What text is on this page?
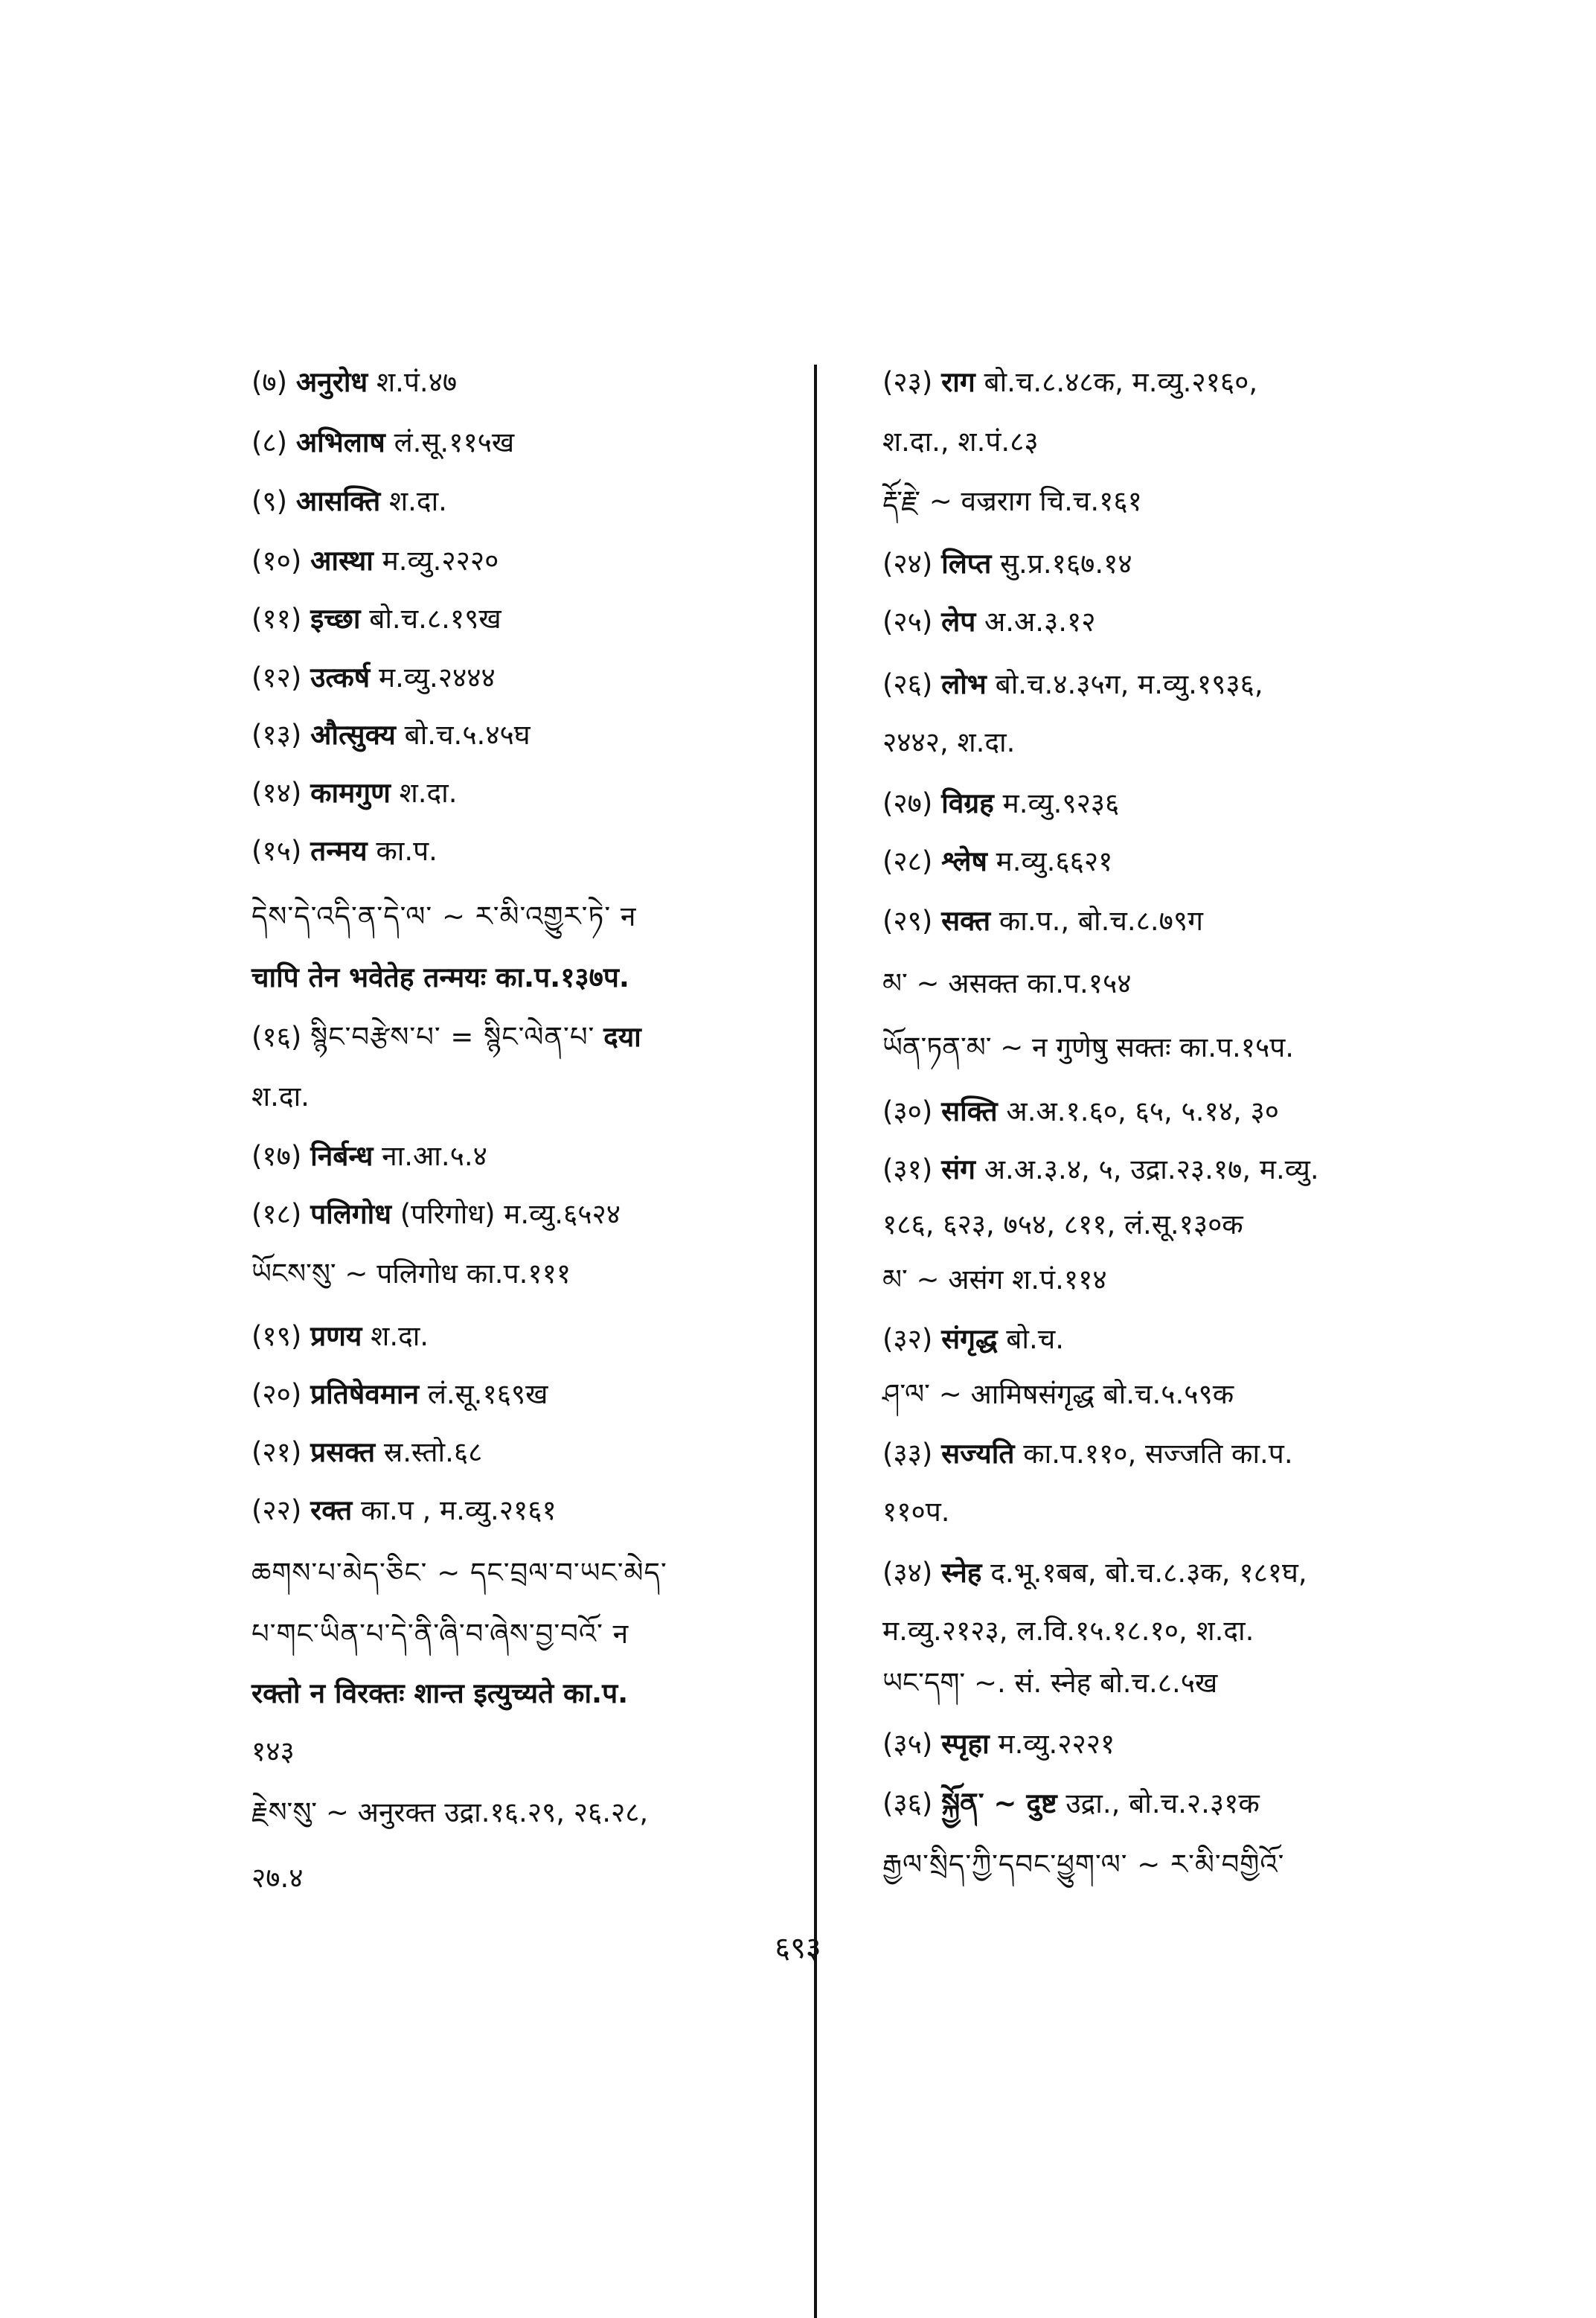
(७) अनुरोध श.पं.४७
(८) अभिलाष लं.सू.११५ख
(९) आसक्ति श.दा.
(१०) आस्था म.व्यु.२२२०
(११) इच्छा बो.च.८.१९ख
(१२) उत्कर्ष म.व्यु.२४४४
(१३) औत्सुक्य बो.च.५.४५घ
(१४) कामगुण श.दा.
(१५) तन्मय का.प.
དེས་དེ་འདི་ན་དེ་ལ་ ~ ར་མི་འགྱུར་ཏེ་ न
चापि तेन भवेतेह तन्मयः का.प.१३७प.
(१६) སྙིང་བརྩེས་པ་ = སྙིང་ལེན་པ་ दया
श.दा.
(१७) निर्बन्ध ना.आ.५.४
(१८) पलिगोध (परिगोध) म.व्यु.६५२४
ཡོངས་སུ་ ~ पलिगोध का.प.१११
(१९) प्रणय श.दा.
(२०) प्रतिषेवमान लं.सू.१६९ख
(२१) प्रसक्त स्र.स्तो.६८
(२२) रक्त का.प , म.व्यु.२१६१
ཆགས་པ་མེད་ཅིང་ ~ དང་བྲལ་བ་ཡང་མེད་
པ་གང་ཡིན་པ་དེ་ནི་ཞི་བ་ཞེས་བྱ་བའོ་ न
रक्तो न विरक्तः शान्त इत्युच्यते का.प.
१४३
རྗེས་སུ་ ~ अनुरक्त उद्रा.१६.२९, २६.२८,
२७.४
(२३) राग बो.च.८.४८क, म.व्यु.२१६०,
श.दा., श.पं.८३
རྡོ་རྗེ་ ~ वज्रराग चि.च.१६१
(२४) लिप्त सु.प्र.१६७.१४
(२५) लेप अ.अ.३.१२
(२६) लोभ बो.च.४.३५ग, म.व्यु.१९३६,
२४४२, श.दा.
(२७) विग्रह म.व्यु.९२३६
(२८) श्लेष म.व्यु.६६२१
(२९) सक्त का.प., बो.च.८.७९ग
མ་ ~ असक्त का.प.१५४
ཡོན་ཏན་མ་ ~ न गुणेषु सक्तः का.प.१५प.
(३०) सक्ति अ.अ.१.६०, ६५, ५.१४, ३०
(३१) संग अ.अ.३.४, ५, उद्रा.२३.१७, म.व्यु.
१८६, ६२३, ७५४, ८११, लं.सू.१३०क
མ་ ~ असंग श.पं.११४
(३२) संगृद्ध बो.च.
ཤ་ལ་ ~ आमिषसंगृद्ध बो.च.५.५९क
(३३) सज्यति का.प.११०, सज्जति का.प.
११०प.
(३४) स्नेह द.भू.१बब, बो.च.८.३क, १८१घ,
म.व्यु.२१२३, ल.वि.१५.१८.१०, श.दा.
ཡང་དག་ ~. सं. स्नेह बो.च.८.५ख
(३५) स्पृहा म.व्यु.२२२१
(३६) སྐྱོན་ ~ दुष्ट उद्रा., बो.च.२.३१क
རྒྱལ་སྲིད་ཀྱི་དབང་ཕྱུག་ལ་ ~ ར་མི་བགྱིའོ་
६९३
